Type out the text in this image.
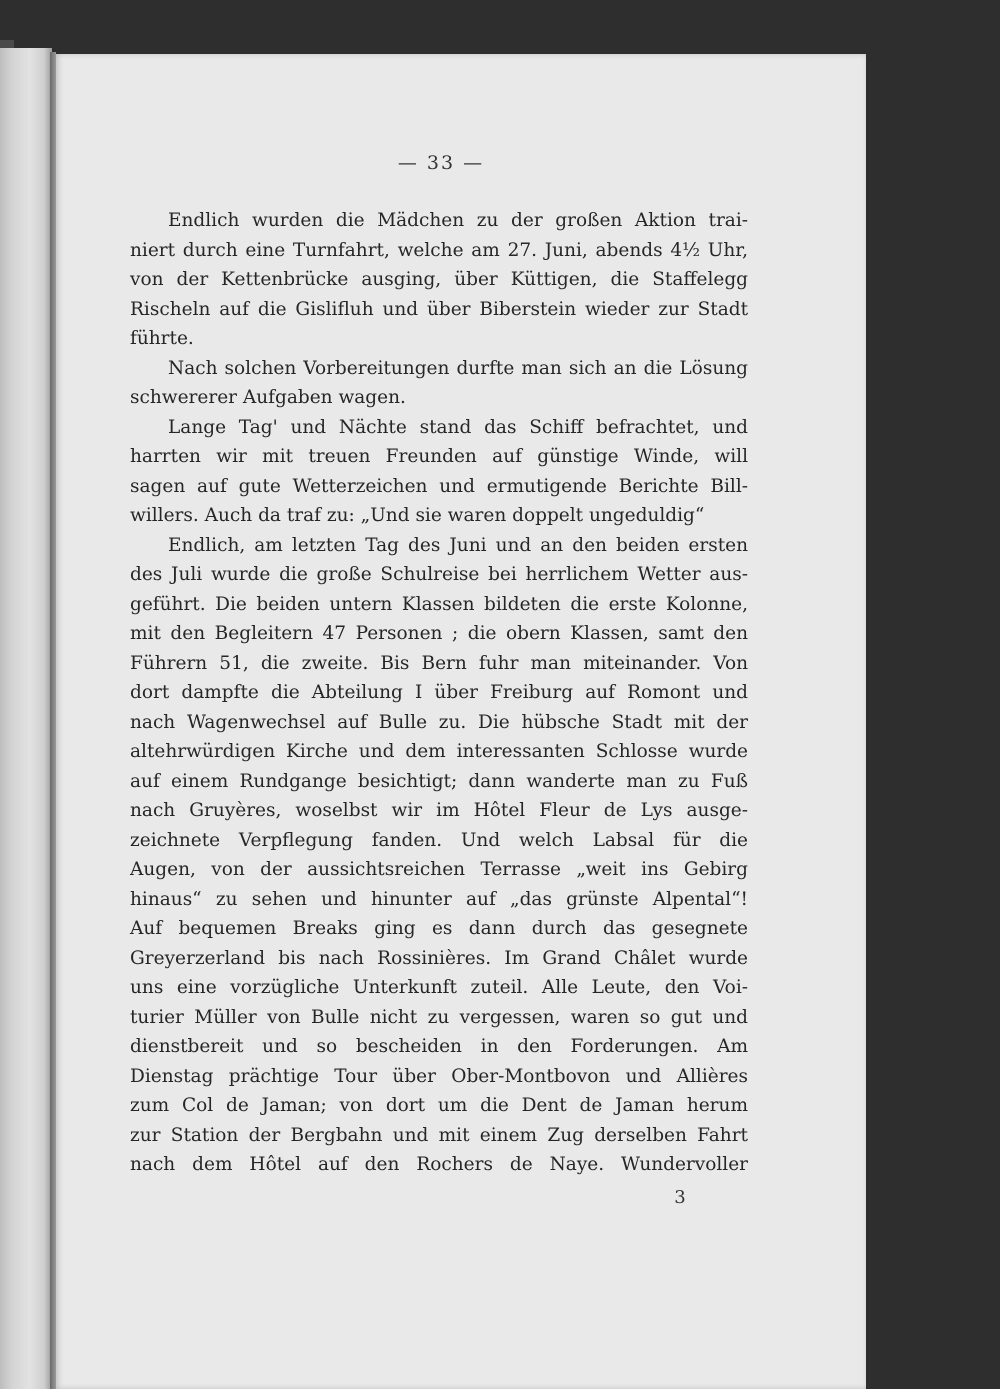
— 33 —
Endlich wurden die Mädchen zu der großen Aktion trai-
niert durch eine Turnfahrt, welche am 27. Juni, abends 4½ Uhr,
von der Kettenbrücke ausging, über Küttigen, die Staffelegg
Rischeln auf die Gislifluh und über Biberstein wieder zur Stadt
führte.
Nach solchen Vorbereitungen durfte man sich an die Lösung
schwererer Aufgaben wagen.
Lange Tag' und Nächte stand das Schiff befrachtet, und
harrten wir mit treuen Freunden auf günstige Winde, will
sagen auf gute Wetterzeichen und ermutigende Berichte Bill-
willers. Auch da traf zu: „Und sie waren doppelt ungeduldig“
Endlich, am letzten Tag des Juni und an den beiden ersten
des Juli wurde die große Schulreise bei herrlichem Wetter aus-
geführt. Die beiden untern Klassen bildeten die erste Kolonne,
mit den Begleitern 47 Personen ; die obern Klassen, samt den
Führern 51, die zweite. Bis Bern fuhr man miteinander. Von
dort dampfte die Abteilung I über Freiburg auf Romont und
nach Wagenwechsel auf Bulle zu. Die hübsche Stadt mit der
altehrwürdigen Kirche und dem interessanten Schlosse wurde
auf einem Rundgange besichtigt; dann wanderte man zu Fuß
nach Gruyères, woselbst wir im Hôtel Fleur de Lys ausge-
zeichnete Verpflegung fanden. Und welch Labsal für die
Augen, von der aussichtsreichen Terrasse „weit ins Gebirg
hinaus“ zu sehen und hinunter auf „das grünste Alpental“!
Auf bequemen Breaks ging es dann durch das gesegnete
Greyerzerland bis nach Rossinières. Im Grand Châlet wurde
uns eine vorzügliche Unterkunft zuteil. Alle Leute, den Voi-
turier Müller von Bulle nicht zu vergessen, waren so gut und
dienstbereit und so bescheiden in den Forderungen. Am
Dienstag prächtige Tour über Ober-Montbovon und Allières
zum Col de Jaman; von dort um die Dent de Jaman herum
zur Station der Bergbahn und mit einem Zug derselben Fahrt
nach dem Hôtel auf den Rochers de Naye. Wundervoller
3
